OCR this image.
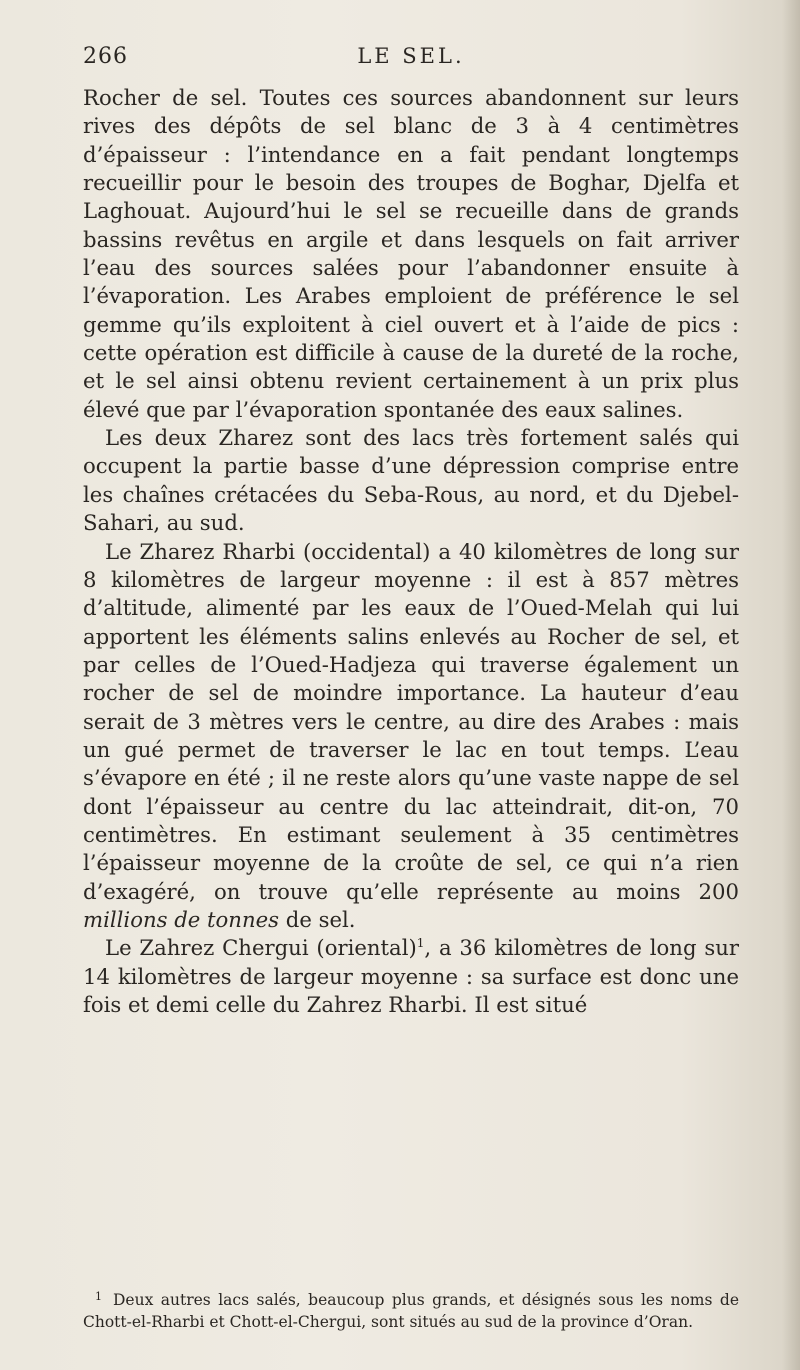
266	LE SEL.

Rocher de sel. Toutes ces sources abandonnent sur leurs rives des dépôts de sel blanc de 3 à 4 centimètres d’épaisseur : l’intendance en a fait pendant longtemps recueillir pour le besoin des troupes de Boghar, Djelfa et Laghouat. Aujourd’hui le sel se recueille dans de grands bassins revêtus en argile et dans lesquels on fait arriver l’eau des sources salées pour l’abandonner ensuite à l’évaporation. Les Arabes emploient de préférence le sel gemme qu’ils exploitent à ciel ouvert et à l’aide de pics : cette opération est difficile à cause de la dureté de la roche, et le sel ainsi obtenu revient certainement à un prix plus élevé que par l’évaporation spontanée des eaux salines.

Les deux Zharez sont des lacs très fortement salés qui occupent la partie basse d’une dépression comprise entre les chaînes crétacées du Seba-Rous, au nord, et du Djebel-Sahari, au sud.

Le Zharez Rharbi (occidental) a 40 kilomètres de long sur 8 kilomètres de largeur moyenne : il est à 857 mètres d’altitude, alimenté par les eaux de l’Oued-Melah qui lui apportent les éléments salins enlevés au Rocher de sel, et par celles de l’Oued-Hadjeza qui traverse également un rocher de sel de moindre importance. La hauteur d’eau serait de 3 mètres vers le centre, au dire des Arabes : mais un gué permet de traverser le lac en tout temps. L’eau s’évapore en été ; il ne reste alors qu’une vaste nappe de sel dont l’épaisseur au centre du lac atteindrait, dit-on, 70 centimètres. En estimant seulement à 35 centimètres l’épaisseur moyenne de la croûte de sel, ce qui n’a rien d’exagéré, on trouve qu’elle représente au moins 200 millions de tonnes de sel.

Le Zahrez Chergui (oriental)$^1$, a 36 kilomètres de long sur 14 kilomètres de largeur moyenne : sa surface est donc une fois et demi celle du Zahrez Rharbi. Il est situé

1 Deux autres lacs salés, beaucoup plus grands, et désignés sous les noms de Chott-el-Rharbi et Chott-el-Chergui, sont situés au sud de la province d’Oran.
